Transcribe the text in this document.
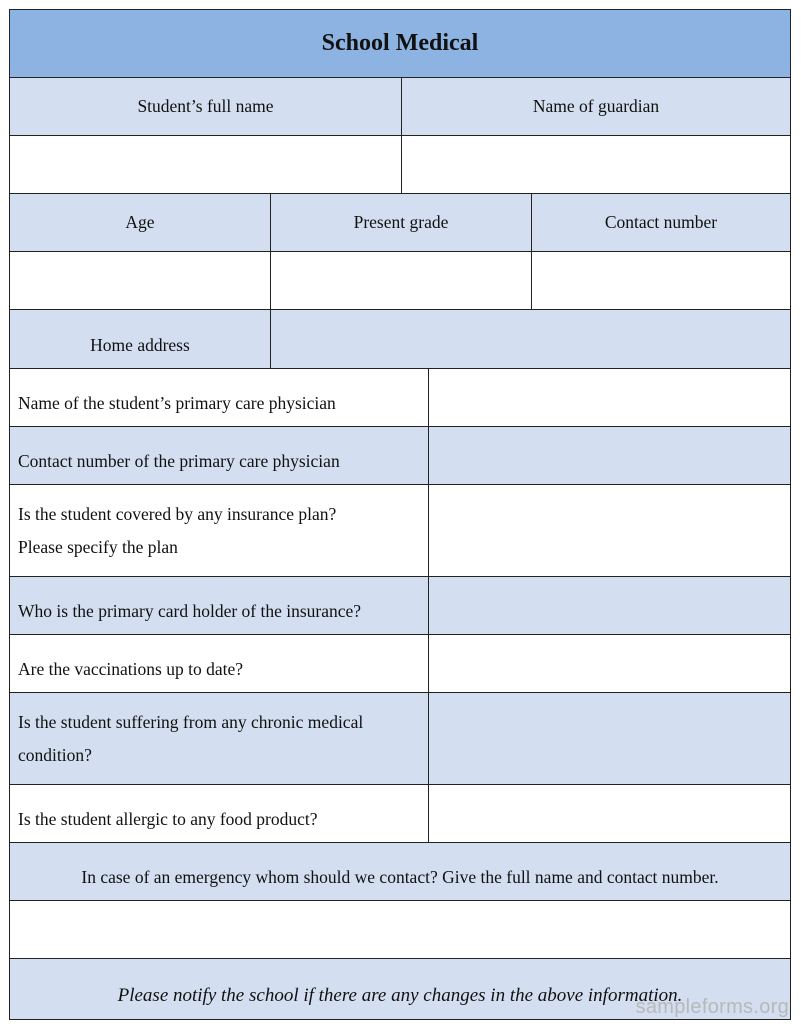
School Medical
Student’s full name	Name of guardian
Age	Present grade	Contact number
Home address
Name of the student’s primary care physician
Contact number of the primary care physician
Is the student covered by any insurance plan?
Please specify the plan
Who is the primary card holder of the insurance?
Are the vaccinations up to date?
Is the student suffering from any chronic medical
condition?
Is the student allergic to any food product?
In case of an emergency whom should we contact? Give the full name and contact number.
Please notify the school if there are any changes in the above information.
sampleforms.org
